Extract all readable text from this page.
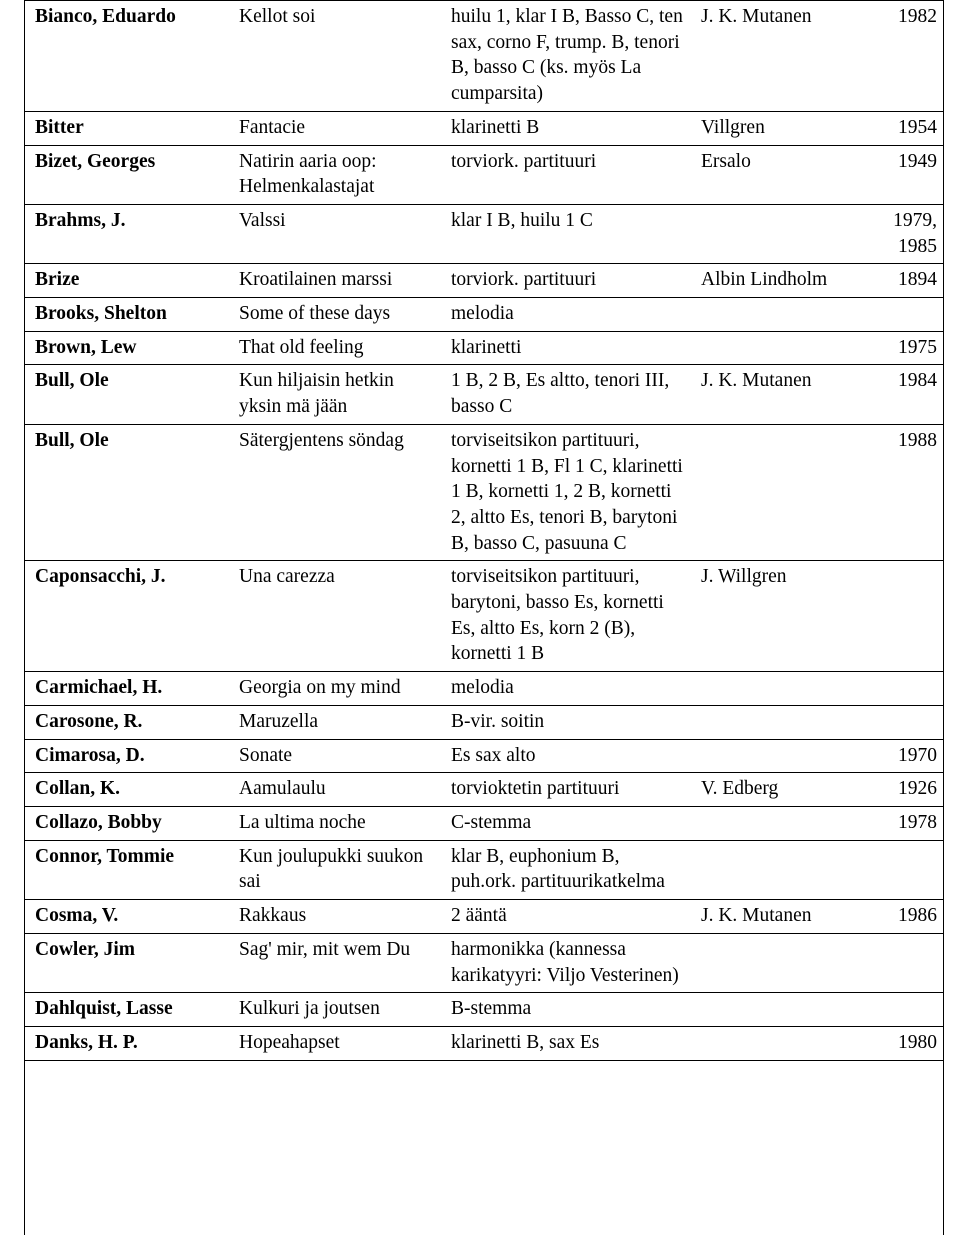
Bianco, Eduardo	Kellot soi	huilu 1, klar I B, Basso C, ten sax, corno F, trump. B, tenori B, basso C (ks. myös La cumparsita)	J. K. Mutanen	1982
Bitter	Fantacie	klarinetti B	Villgren	1954
Bizet, Georges	Natirin aaria oop: Helmenkalastajat	torviork. partituuri	Ersalo	1949
Brahms, J.	Valssi	klar I B, huilu 1 C		1979, 1985
Brize	Kroatilainen marssi	torviork. partituuri	Albin Lindholm	1894
Brooks, Shelton	Some of these days	melodia		
Brown, Lew	That old feeling	klarinetti		1975
Bull, Ole	Kun hiljaisin hetkin yksin mä jään	1 B, 2 B, Es altto, tenori III, basso C	J. K. Mutanen	1984
Bull, Ole	Sätergjentens söndag	torviseitsikon partituuri, kornetti 1 B, Fl 1 C, klarinetti 1 B, kornetti 1, 2 B, kornetti 2, altto Es, tenori B, barytoni B, basso C, pasuuna C		1988
Caponsacchi, J.	Una carezza	torviseitsikon partituuri, barytoni, basso Es, kornetti Es, altto Es, korn 2 (B), kornetti 1 B	J. Willgren	
Carmichael, H.	Georgia on my mind	melodia		
Carosone, R.	Maruzella	B-vir. soitin		
Cimarosa, D.	Sonate	Es sax alto		1970
Collan, K.	Aamulaulu	torvioktetin partituuri	V. Edberg	1926
Collazo, Bobby	La ultima noche	C-stemma		1978
Connor, Tommie	Kun joulupukki suukon sai	klar B, euphonium B, puh.ork. partituurikatkelma		
Cosma, V.	Rakkaus	2 ääntä	J. K. Mutanen	1986
Cowler, Jim	Sag' mir, mit wem Du	harmonikka (kannessa karikatyyri: Viljo Vesterinen)		
Dahlquist, Lasse	Kulkuri ja joutsen	B-stemma		
Danks, H. P.	Hopeahapset	klarinetti B, sax Es		1980
